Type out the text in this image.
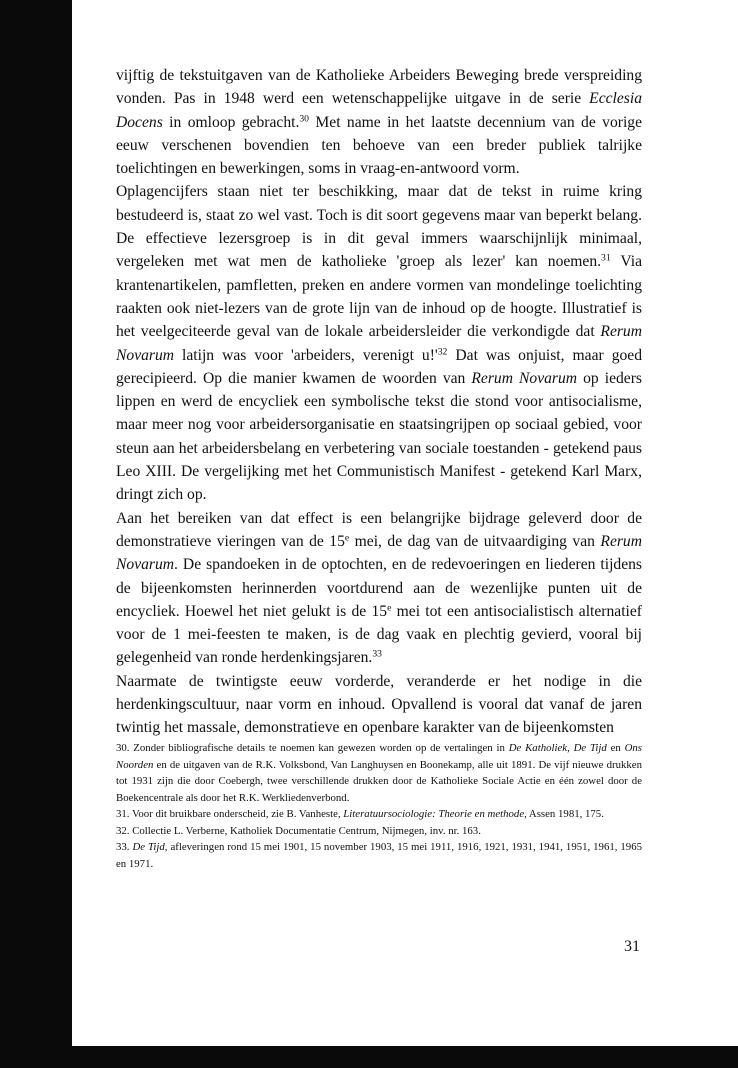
vijftig de tekstuitgaven van de Katholieke Arbeiders Beweging brede verspreiding vonden. Pas in 1948 werd een wetenschappelijke uitgave in de serie Ecclesia Docens in omloop gebracht.$^{30}$ Met name in het laatste decennium van de vorige eeuw verschenen bovendien ten behoeve van een breder publiek talrijke toelichtingen en bewerkingen, soms in vraag-en-antwoord vorm.

Oplagencijfers staan niet ter beschikking, maar dat de tekst in ruime kring bestudeerd is, staat zo wel vast. Toch is dit soort gegevens maar van beperkt belang. De effectieve lezersgroep is in dit geval immers waarschijnlijk minimaal, vergeleken met wat men de katholieke 'groep als lezer' kan noemen.$^{31}$ Via krantenartikelen, pamfletten, preken en andere vormen van mondelinge toelichting raakten ook niet-lezers van de grote lijn van de inhoud op de hoogte. Illustratief is het veelgeciteerde geval van de lokale arbeidersleider die verkondigde dat Rerum Novarum latijn was voor 'arbeiders, verenigt $u!'^{32}$ Dat was onjuist, maar goed gerecipieerd. Op die manier kwamen de woorden van Rerum Novarum op ieders lippen en werd de encycliek een symbolische tekst die stond voor antisocialisme, maar meer nog voor arbeidersorganisatie en staatsingrijpen op sociaal gebied, voor steun aan het arbeidersbelang en verbetering van sociale toestanden - getekend paus Leo XIII. De vergelijking met het Communistisch Manifest - getekend Karl Marx, dringt zich op.

Aan het bereiken van dat effect is een belangrijke bijdrage geleverd door de demonstratieve vieringen van de 15e mei, de dag van de uitvaardiging van Rerum Novarum. De spandoeken in de optochten, en de redevoeringen en liederen tijdens de bijeenkomsten herinnerden voortdurend aan de wezenlijke punten uit de encycliek. Hoewel het niet gelukt is de 15e mei tot een antisocialistisch alternatief voor de 1 mei-feesten te maken, is de dag vaak en plechtig gevierd, vooral bij gelegenheid van ronde herdenkingsjaren.$^{33}$

Naarmate de twintigste eeuw vorderde, veranderde er het nodige in die herdenkingscultuur, naar vorm en inhoud. Opvallend is vooral dat vanaf de jaren twintig het massale, demonstratieve en openbare karakter van de bijeenkomsten

30. Zonder bibliografische details te noemen kan gewezen worden op de vertalingen in De Katholiek, De Tijd en Ons Noorden en de uitgaven van de R.K. Volksbond, Van Langhuysen en Boonekamp, alle uit 1891. De vijf nieuwe drukken tot 1931 zijn die door Coebergh, twee verschillende drukken door de Katholieke Sociale Actie en één zowel door de Boekencentrale als door het R.K. Werkliedenverbond.

31. Voor dit bruikbare onderscheid, zie B. Vanheste, Literatuursociologie: Theorie en methode, Assen 1981, 175.

32. Collectie L. Verberne, Katholiek Documentatie Centrum, Nijmegen, inv. nr. 163.

33. De Tijd, afleveringen rond 15 mei 1901, 15 november 1903, 15 mei 1911, 1916, 1921, 1931, 1941, 1951, 1961, 1965 en 1971.

31
